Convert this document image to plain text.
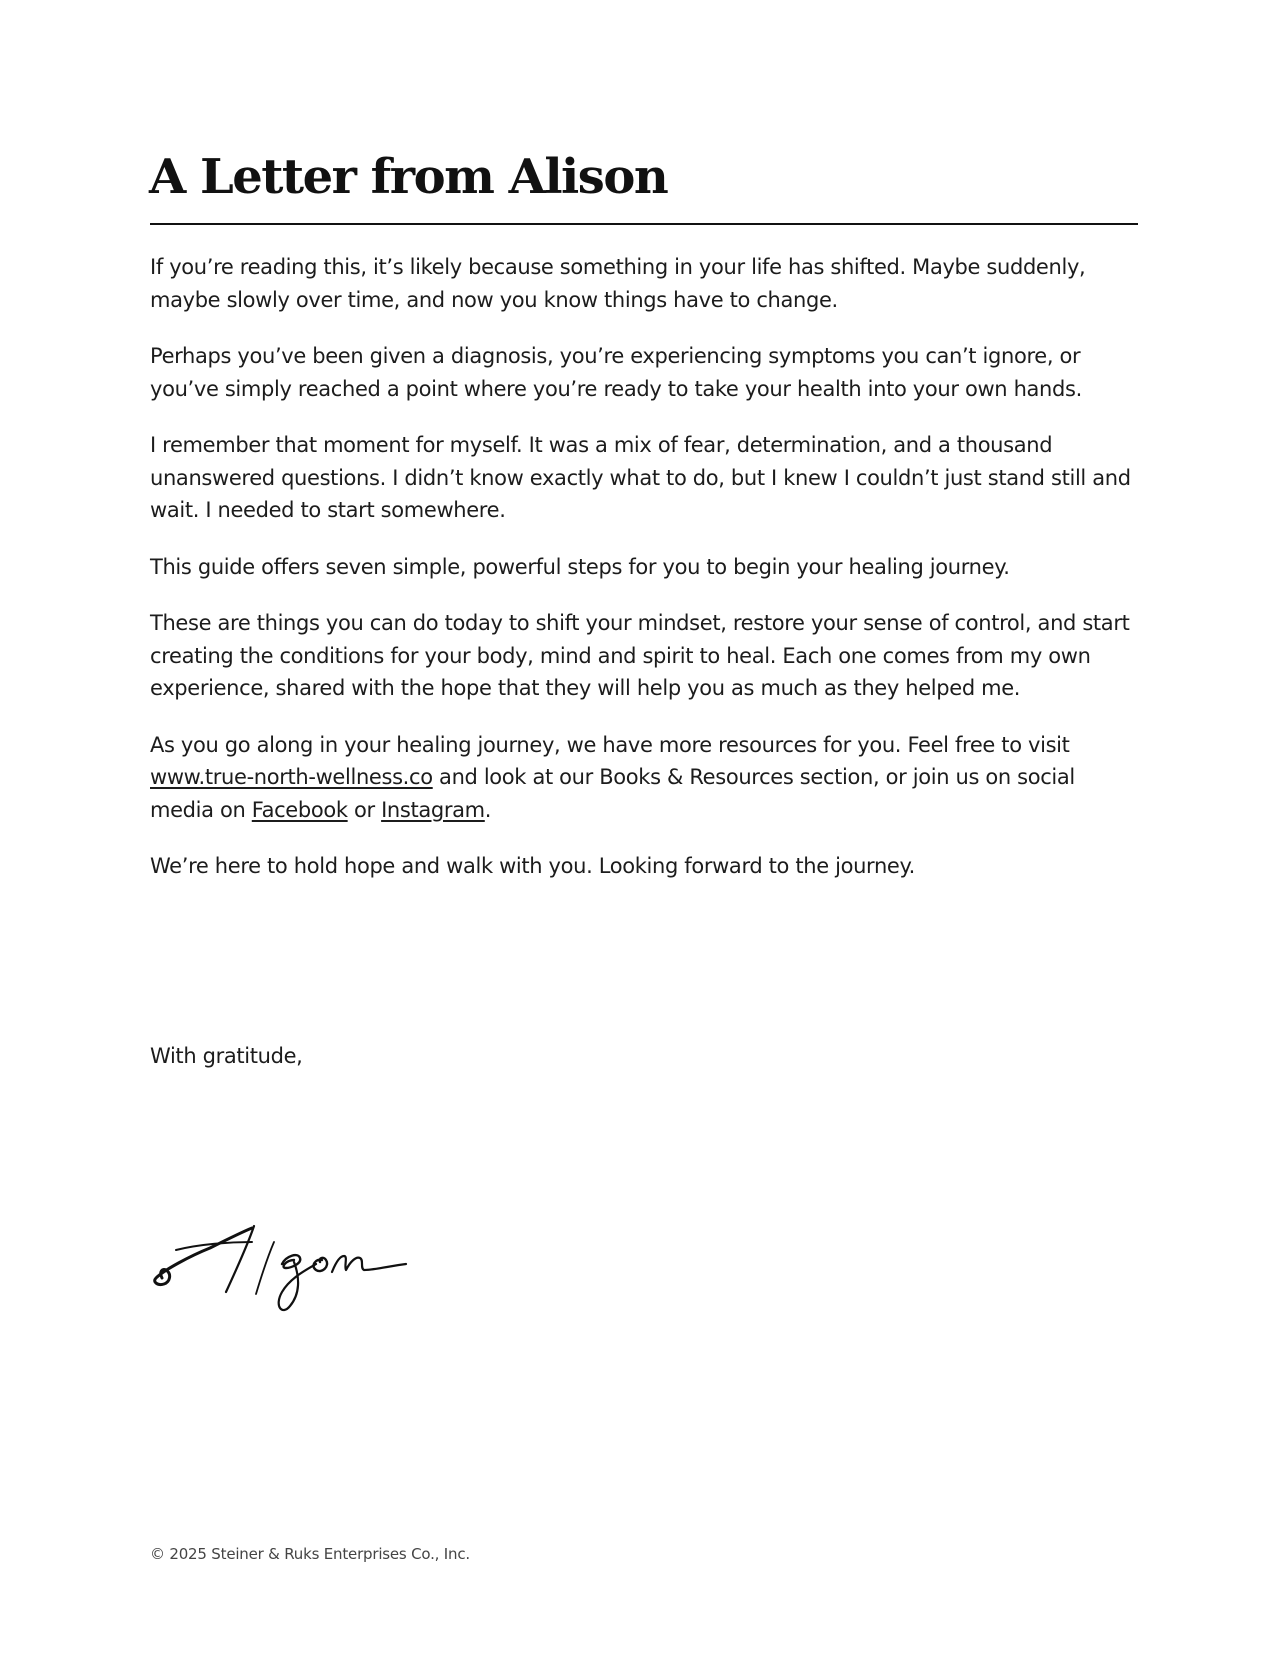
A Letter from Alison

If you’re reading this, it’s likely because something in your life has shifted. Maybe suddenly, maybe slowly over time, and now you know things have to change.

Perhaps you’ve been given a diagnosis, you’re experiencing symptoms you can’t ignore, or you’ve simply reached a point where you’re ready to take your health into your own hands.

I remember that moment for myself. It was a mix of fear, determination, and a thousand unanswered questions. I didn’t know exactly what to do, but I knew I couldn’t just stand still and wait. I needed to start somewhere.

This guide offers seven simple, powerful steps for you to begin your healing journey.

These are things you can do today to shift your mindset, restore your sense of control, and start creating the conditions for your body, mind and spirit to heal. Each one comes from my own experience, shared with the hope that they will help you as much as they helped me.

As you go along in your healing journey, we have more resources for you. Feel free to visit www.true-north-wellness.co and look at our Books & Resources section, or join us on social media on Facebook or Instagram.

We’re here to hold hope and walk with you. Looking forward to the journey.

With gratitude,
© 2025 Steiner & Ruks Enterprises Co., Inc.
